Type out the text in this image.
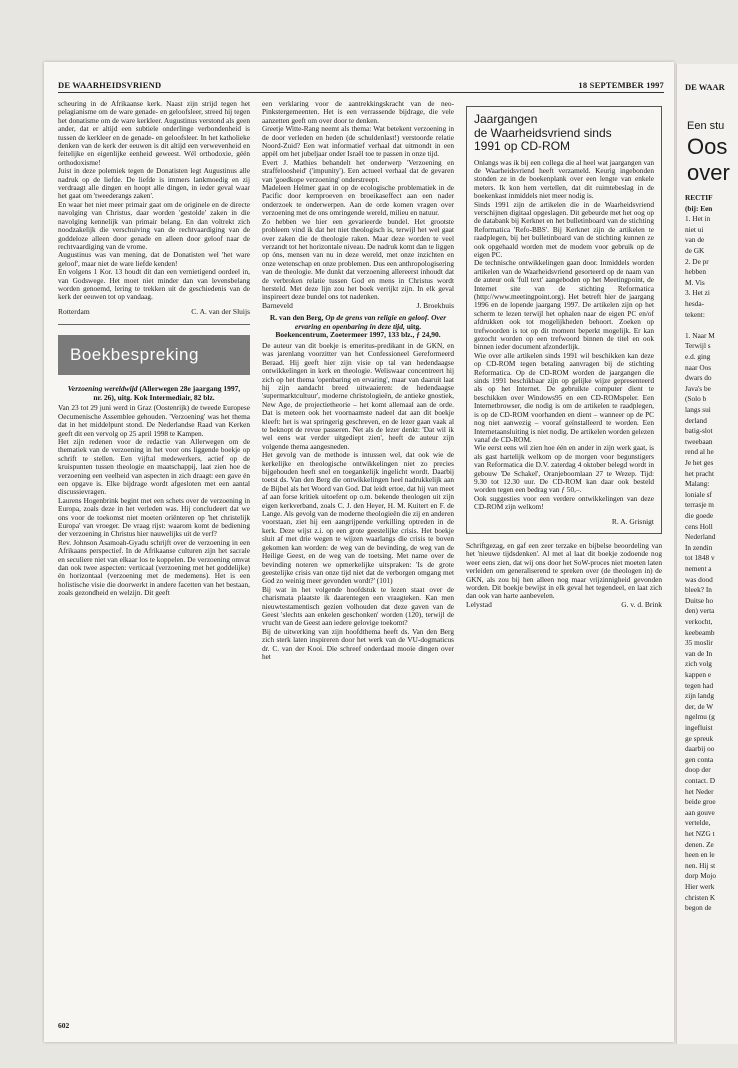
DE WAARHEIDSVRIEND	18 SEPTEMBER 1997

scheuring in de Afrikaanse kerk. Naast zijn strijd tegen het pelagianisme om de ware genade- en geloofsleer, streed hij tegen het donatisme om de ware kerkleer. Augustinus verstond als geen ander, dat er altijd een subtiele onderlinge verbondenheid is tussen de kerkleer en de genade- en geloofsleer. In het katholieke denken van de kerk der eeuwen is dit altijd een verwevenheid en feitelijke en eigenlijke eenheid geweest. Wél orthodoxie, géén orthodoxisme!

Juist in deze polemiek tegen de Donatisten legt Augustinus alle nadruk op de liefde. De liefde is immers lankmoedig en zij verdraagt alle dingen en hoopt alle dingen, in ieder geval waar het gaat om 'tweederangs zaken'.

En waar het niet meer primair gaat om de originele en de directe navolging van Christus, daar worden 'gestolde' zaken in die navolging kennelijk van primair belang. En dan voltrekt zich noodzakelijk die verschuiving van de rechtvaardiging van de goddeloze alleen door genade en alleen door geloof naar de rechtvaardiging van de vrome.

Augustinus was van mening, dat de Donatisten wel 'het ware geloof', maar niet de ware liefde kenden!

En volgens 1 Kor. 13 houdt dit dan een vernietigend oordeel in, van Godswege. Het moet niet minder dan van levensbelang worden genoemd, lering te trekken uit de geschiedenis van de kerk der eeuwen tot op vandaag.

Rotterdam	C. A. van der Sluijs
Boekbespreking
Verzoening wereldwijd (Allerwegen 28e jaargang 1997, nr. 26), uitg. Kok Intermediair, 82 blz.

Van 23 tot 29 juni werd in Graz (Oostenrijk) de tweede Europese Oecumenische Assemblee gehouden. 'Verzoening' was het thema dat in het middelpunt stond. De Nederlandse Raad van Kerken geeft dit een vervolg op 25 april 1998 te Kampen.

Het zijn redenen voor de redactie van Allerwegen om de thematiek van de verzoening in het voor ons liggende boekje op schrift te stellen. Een vijftal medewerkers, actief op de kruispunten tussen theologie en maatschappij, laat zien hoe de verzoening een veelheid van aspecten in zich draagt: een gave én een opgave is. Elke bijdrage wordt afgesloten met een aantal discussievragen.

Laurens Hogenbrink begint met een schets over de verzoening in Europa, zoals deze in het verleden was. Hij concludeert dat we ons voor de toekomst niet moeten oriënteren op 'het christelijk Europa' van vroeger. De vraag rijst: waarom komt de bediening der verzoening in Christus hier nauwelijks uit de verf?

Rev. Johnson Asamoah-Gyadu schrijft over de verzoening in een Afrikaans perspectief. In de Afrikaanse culturen zijn het sacrale en seculiere niet van elkaar los te koppelen. De verzoening omvat dan ook twee aspecten: verticaal (verzoening met het goddelijke) én horizontaal (verzoening met de medemens). Het is een holistische visie die doorwerkt in andere facetten van het bestaan, zoals gezondheid en welzijn. Dit geeft

een verklaring voor de aantrekkingskracht van de neo-Pinkstergemeenten. Het is een verrassende bijdrage, die vele aanzetten geeft om over door te denken.

Greetje Witte-Rang neemt als thema: Wat betekent verzoening in de door verleden en heden (de schuldenlast!) verstoorde relatie Noord-Zuid? Een wat informatief verhaal dat uitmondt in een appèl om het jubeljaar onder Israël toe te passen in onze tijd.

Evert J. Mathies behandelt het onderwerp 'Verzoening en straffeloosheid' ('impunity'). Een actueel verhaal dat de gevaren van 'goedkope verzoening' onderstreept.

Madeleen Helmer gaat in op de ecologische problematiek in de Pacific door kernproeven en broeikaseffect aan een nader onderzoek te onderwerpen. Aan de orde komen vragen over verzoening met de ons omringende wereld, milieu en natuur.

Zo hebben we hier een gevarieerde bundel. Het grootste probleem vind ik dat het niet theologisch is, terwijl het wel gaat over zaken die de theologie raken. Maar deze worden te veel verzandt tot het horizontale niveau. De nadruk komt dan te liggen op óns, mensen van nu in deze wereld, met onze inzichten en onze wetenschap en onze problemen. Dus een anthropologisering van de theologie. Me dunkt dat verzoening allereerst inhoudt dat de verbroken relatie tussen God en mens in Christus wordt hersteld. Met deze lijn zou het boek verrijkt zijn. In elk geval inspireert deze bundel ons tot nadenken.

Barneveld	J. Broekhuis
R. van den Berg, Op de grens van religie en geloof. Over ervaring en openbaring in deze tijd, uitg. Boekencentrum, Zoetermeer 1997, 133 blz., ƒ 24,90.

De auteur van dit boekje is emeritus-predikant in de GKN, en was jarenlang voorzitter van het Confessioneel Gereformeerd Beraad. Hij geeft hier zijn visie op tal van hedendaagse ontwikkelingen in kerk en theologie. Weliswaar concentreert hij zich op het thema 'openbaring en ervaring', maar van daaruit laat hij zijn aandacht breed uitwaaieren: de hedendaagse 'supermarktcultuur', moderne christologieën, de antieke gnostiek, New Age, de projectietheorie – het komt allemaal aan de orde. Dat is meteen ook het voornaamste nadeel dat aan dit boekje kleeft: het is wat springerig geschreven, en de lezer gaan vaak al te beknopt de revue passeren. Net als de lezer denkt: 'Dat wil ik wel eens wat verder uitgediept zien', heeft de auteur zijn volgende thema aangesneden.

Het gevolg van de methode is intussen wel, dat ook wie de kerkelijke en theologische ontwikkelingen niet zo precies bijgehouden heeft snel en toegankelijk ingelicht wordt. Daarbij toetst ds. Van den Berg die ontwikkelingen heel nadrukkelijk aan de Bijbel als het Woord van God. Dat leidt ertoe, dat hij van meet af aan forse kritiek uitoefent op o.m. bekende theologen uit zijn eigen kerkverband, zoals C. J. den Heyer, H. M. Kuitert en F. de Lange. Als gevolg van de moderne theologieën die zij en anderen voorstaan, ziet hij een aangrijpende verkilling optreden in de kerk. Deze wijst z.i. op een grote geestelijke crisis. Het boekje sluit af met drie wegen te wijzen waarlangs die crisis te boven gekomen kan worden: de weg van de bevinding, de weg van de Heilige Geest, en de weg van de toetsing. Met name over de bevinding noteren we opmerkelijke uitspraken: 'Is de grote geestelijke crisis van onze tijd niet dat de verborgen omgang met God zo weinig meer gevonden wordt?' (101)

Bij wat in het volgende hoofdstuk te lezen staat over de charismata plaatste ik daarentegen een vraagteken. Kan men nieuwtestamentisch gezien volhouden dat deze gaven van de Geest 'slechts aan enkelen geschonken' worden (120), terwijl de vrucht van de Geest aan iedere gelovige toekomt?

Bij de uitwerking van zijn hoofdthema heeft ds. Van den Berg zich sterk laten inspireren door het werk van de VU-dogmaticus dr. C. van der Kooi. Die schreef onderdaad mooie dingen over het

Jaargangen
de Waarheidsvriend sinds
1991 op CD-ROM

Onlangs was ik bij een collega die al heel wat jaargangen van de Waarheidsvriend heeft verzameld. Keurig ingebonden stonden ze in de boekenplank over een lengte van enkele meters. Ik kon hem vertellen, dat dit ruimtebeslag in de boekenkast inmiddels niet meer nodig is.

Sinds 1991 zijn de artikelen die in de Waarheidsvriend verschijnen digitaal opgeslagen. Dit gebeurde met het oog op de databank bij Kerknet en het bulletinboard van de stichting Reformatica 'Refo-BBS'. Bij Kerknet zijn de artikelen te raadplegen, bij het bulletinboard van de stichting kunnen ze ook opgehaald worden met de modem voor gebruik op de eigen PC.

De technische ontwikkelingen gaan door. Inmiddels worden artikelen van de Waarheidsvriend gesorteerd op de naam van de auteur ook 'full text' aangeboden op het Meetingpoint, de Internet site van de stichting Reformatica (http://www.meetingpoint.org). Het betreft hier de jaargang 1996 en de lopende jaargang 1997. De artikelen zijn op het scherm te lezen terwijl het ophalen naar de eigen PC en/of afdrukken ook tot mogelijkheden behoort. Zoeken op trefwoorden is tot op dit moment beperkt mogelijk. Er kan gezocht worden op een trefwoord binnen de titel en ook binnen ieder document afzonderlijk.

Wie over alle artikelen sinds 1991 wil beschikken kan deze op CD-ROM tegen betaling aanvragen bij de stichting Reformatica. Op de CD-ROM worden de jaargangen die sinds 1991 beschikbaar zijn op gelijke wijze gepresenteerd als op het Internet. De gebruikte computer dient te beschikken over Windows95 en een CD-ROMspeler. Een Internetbrowser, die nodig is om de artikelen te raadplegen, is op de CD-ROM voorhanden en dient – wanneer op de PC nog niet aanwezig – vooraf geïnstalleerd te worden. Een Internetaansluiting is niet nodig. De artikelen worden gelezen vanaf de CD-ROM.

Wie eerst eens wil zien hoe één en ander in zijn werk gaat, is als gast hartelijk welkom op de morgen voor begunstigers van Reformatica die D.V. zaterdag 4 oktober belegd wordt in gebouw 'De Schakel', Oranjeboomlaan 27 te Wezep. Tijd: 9.30 tot 12.30 uur. De CD-ROM kan daar ook besteld worden tegen een bedrag van ƒ 50,–.

Ook suggesties voor een verdere ontwikkelingen van deze CD-ROM zijn welkom!

R. A. Grisnigt

Schriftgezag, en gaf een zeer terzake en bijbelse beoordeling van het 'nieuwe tijdsdenken'. Al met al laat dit boekje zodoende nog weer eens zien, dat wij ons door het SoW-proces niet moeten laten verleiden om generaliserend te spreken over (de theologen in) de GKN, als zou bij hen alleen nog maar vrijzinnigheid gevonden worden. Dit boekje bewijst in elk geval het tegendeel, en laat zich dan ook van harte aanbevelen.

Lelystad	G. v. d. Brink
602
DE WAAR
Een stu
Oos
over
RECTIF
(bij: Een
1. Het in
niet ui
van de
de GK
2. De pr
hebben
M. Vis
3. Het zi
hesda-
tekent:
1. Naar M
Terwijl s
e.d. ging
naar Oos
dwars do
Java's be
(Solo b
langs sui
derland
batig-slot
tweebaan
rend al he
Je het ges
het pracht
Malang:
loniale sf
terrasje m
die goede
cens Holl
Nederland
In zendin
tot 1848 v
nement a
was dood
bleek? In
Duitse ho
den) verta
verkocht,
keebeamb
35 moslir
van de In
zich volg
kappen e
tegen had
zijn landg
der, de W
ngelmu (g
ingefluist
ge spreuk
daarbij oo
gen conta
doop der
contact. D
het Neder
beide groe
aan gouve
vertelde,
het NZG t
denen. Ze
heen en le
nen. Hij st
dorp Mojo
Hier werk
christen K
begon de
